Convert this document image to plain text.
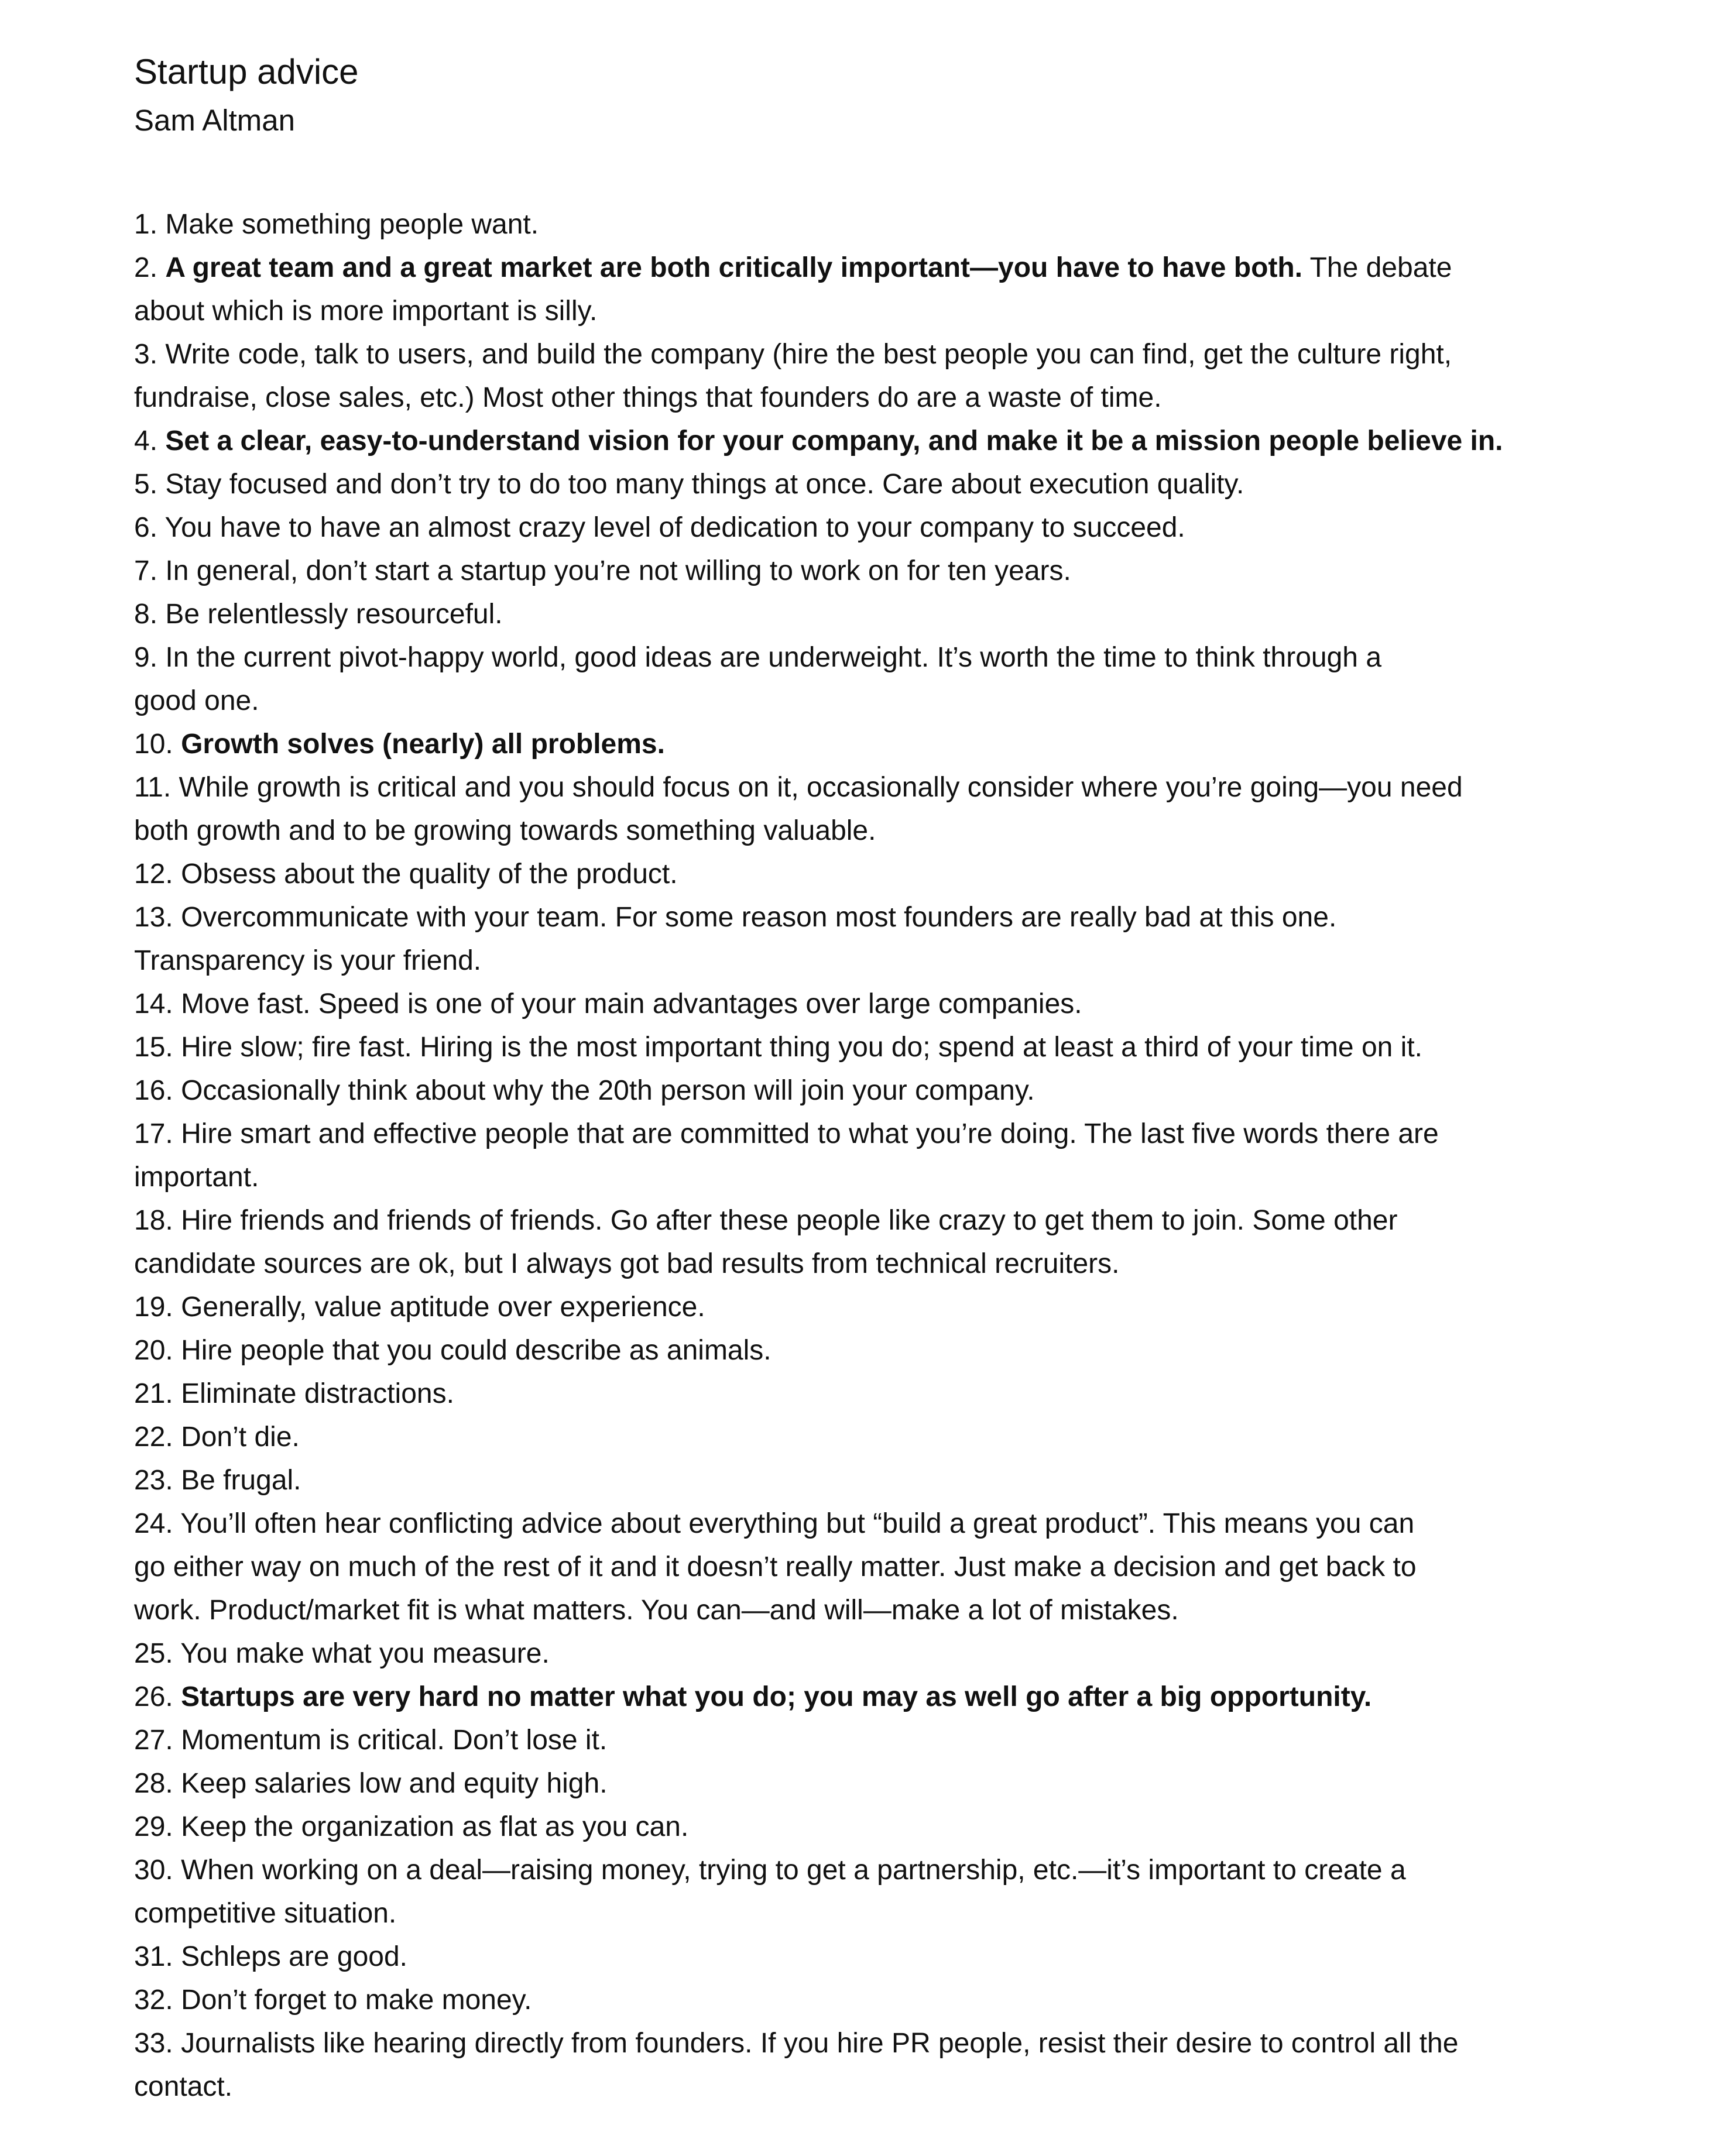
Startup advice

Sam Altman

1. Make something people want.
2. A great team and a great market are both critically important—you have to have both. The debate
about which is more important is silly.
3. Write code, talk to users, and build the company (hire the best people you can find, get the culture right,
fundraise, close sales, etc.) Most other things that founders do are a waste of time.
4. Set a clear, easy-to-understand vision for your company, and make it be a mission people believe in.
5. Stay focused and don’t try to do too many things at once. Care about execution quality.
6. You have to have an almost crazy level of dedication to your company to succeed.
7. In general, don’t start a startup you’re not willing to work on for ten years.
8. Be relentlessly resourceful.
9. In the current pivot-happy world, good ideas are underweight. It’s worth the time to think through a
good one.
10. Growth solves (nearly) all problems.
11. While growth is critical and you should focus on it, occasionally consider where you’re going—you need
both growth and to be growing towards something valuable.
12. Obsess about the quality of the product.
13. Overcommunicate with your team. For some reason most founders are really bad at this one.
Transparency is your friend.
14. Move fast. Speed is one of your main advantages over large companies.
15. Hire slow; fire fast. Hiring is the most important thing you do; spend at least a third of your time on it.
16. Occasionally think about why the 20th person will join your company.
17. Hire smart and effective people that are committed to what you’re doing. The last five words there are
important.
18. Hire friends and friends of friends. Go after these people like crazy to get them to join. Some other
candidate sources are ok, but I always got bad results from technical recruiters.
19. Generally, value aptitude over experience.
20. Hire people that you could describe as animals.
21. Eliminate distractions.
22. Don’t die.
23. Be frugal.
24. You’ll often hear conflicting advice about everything but “build a great product”. This means you can
go either way on much of the rest of it and it doesn’t really matter. Just make a decision and get back to
work. Product/market fit is what matters. You can—and will—make a lot of mistakes.
25. You make what you measure.
26. Startups are very hard no matter what you do; you may as well go after a big opportunity.
27. Momentum is critical. Don’t lose it.
28. Keep salaries low and equity high.
29. Keep the organization as flat as you can.
30. When working on a deal—raising money, trying to get a partnership, etc.—it’s important to create a
competitive situation.
31. Schleps are good.
32. Don’t forget to make money.
33. Journalists like hearing directly from founders. If you hire PR people, resist their desire to control all the
contact.
